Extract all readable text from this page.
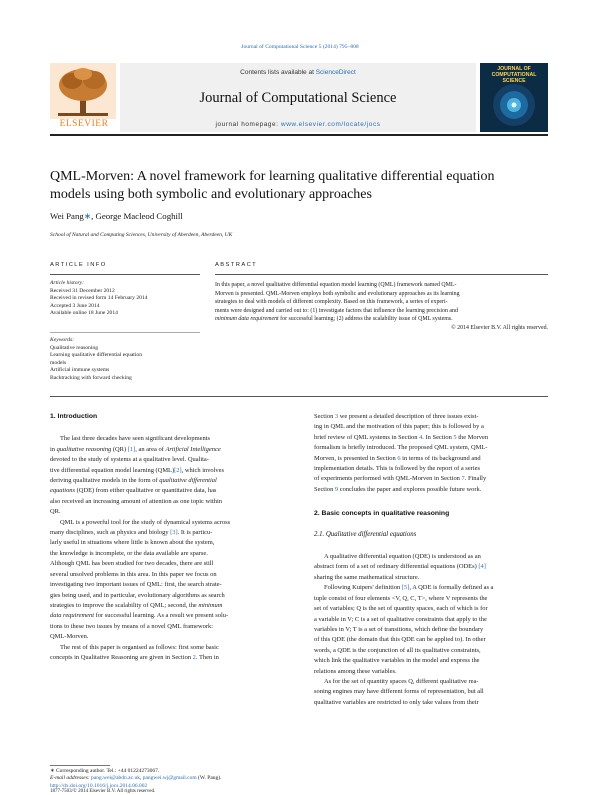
Journal of Computational Science 5 (2014) 795–808
ELSEVIER
Contents lists available at ScienceDirect
Journal of Computational Science
journal homepage: www.elsevier.com/locate/jocs
JOURNAL OF COMPUTATIONAL SCIENCE
QML-Morven: A novel framework for learning qualitative differential equation
models using both symbolic and evolutionary approaches
Wei Pang∗, George Macleod Coghill
School of Natural and Computing Sciences, University of Aberdeen, Aberdeen, UK
ARTICLE INFO	ABSTRACT
Article history:
Received 31 December 2012
Received in revised form 14 February 2014
Accepted 3 June 2014
Available online 18 June 2014
Keywords:
Qualitative reasoning
Learning qualitative differential equation
models
Artificial immune systems
Backtracking with forward checking
In this paper, a novel qualitative differential equation model learning (QML) framework named QML-
Morven is presented. QML-Morven employs both symbolic and evolutionary approaches as its learning
strategies to deal with models of different complexity. Based on this framework, a series of experi-
ments were designed and carried out to: (1) investigate factors that influence the learning precision and
minimum data requirement for successful learning; (2) address the scalability issue of QML systems.
© 2014 Elsevier B.V. All rights reserved.
1. Introduction

The last three decades have seen significant developments

in qualitative reasoning (QR) [1], an area of Artificial Intelligence

devoted to the study of systems at a qualitative level. Qualita-

tive differential equation model learning (QML)[2], which involves

deriving qualitative models in the form of qualitative differential

equations (QDE) from either qualitative or quantitative data, has

also received an increasing amount of attention as one topic within

QR.

QML is a powerful tool for the study of dynamical systems across

many disciplines, such as physics and biology [3]. It is particu-

larly useful in situations where little is known about the system,

the knowledge is incomplete, or the data available are sparse.

Although QML has been studied for two decades, there are still

several unsolved problems in this area. In this paper we focus on

investigating two important issues of QML: first, the search strate-

gies being used, and in particular, evolutionary algorithms as search

strategies to improve the scalability of QML; second, the minimum

data requirement for successful learning. As a result we present solu-

tions to these two issues by means of a novel QML framework:

QML-Morven.

The rest of this paper is organised as follows: first some basic

concepts in Qualitative Reasoning are given in Section 2. Then in

Section 3 we present a detailed description of three issues exist-

ing in QML and the motivation of this paper; this is followed by a

brief review of QML systems in Section 4. In Section 5 the Morven

formalism is briefly introduced. The proposed QML system, QML-

Morven, is presented in Section 6 in terms of its background and

implementation details. This is followed by the report of a series

of experiments performed with QML-Morven in Section 7. Finally

Section 9 concludes the paper and explores possible future work.

2. Basic concepts in qualitative reasoning
2.1. Qualitative differential equations

A qualitative differential equation (QDE) is understood as an

abstract form of a set of ordinary differential equations (ODEs) [4]

sharing the same mathematical structure.

Following Kuipers' definition [5], A QDE is formally defined as a

tuple consist of four elements <V, Q, C, T>, where V represents the

set of variables; Q is the set of quantity spaces, each of which is for

a variable in V; C is a set of qualitative constraints that apply to the

variables in V; T is a set of transitions, which define the boundary

of this QDE (the domain that this QDE can be applied to). In other

words, a QDE is the conjunction of all its qualitative constraints,

which link the qualitative variables in the model and express the

relations among these variables.

As for the set of quantity spaces Q, different qualitative rea-

soning engines may have different forms of representation, but all

qualitative variables are restricted to only take values from their

∗ Corresponding author. Tel.: +44 01224273067.
E-mail addresses: pang.wei@abdn.ac.uk, pangwei.wj@gmail.com (W. Pang).
http://dx.doi.org/10.1016/j.jocs.2014.06.002
1877-7503/© 2014 Elsevier B.V. All rights reserved.
